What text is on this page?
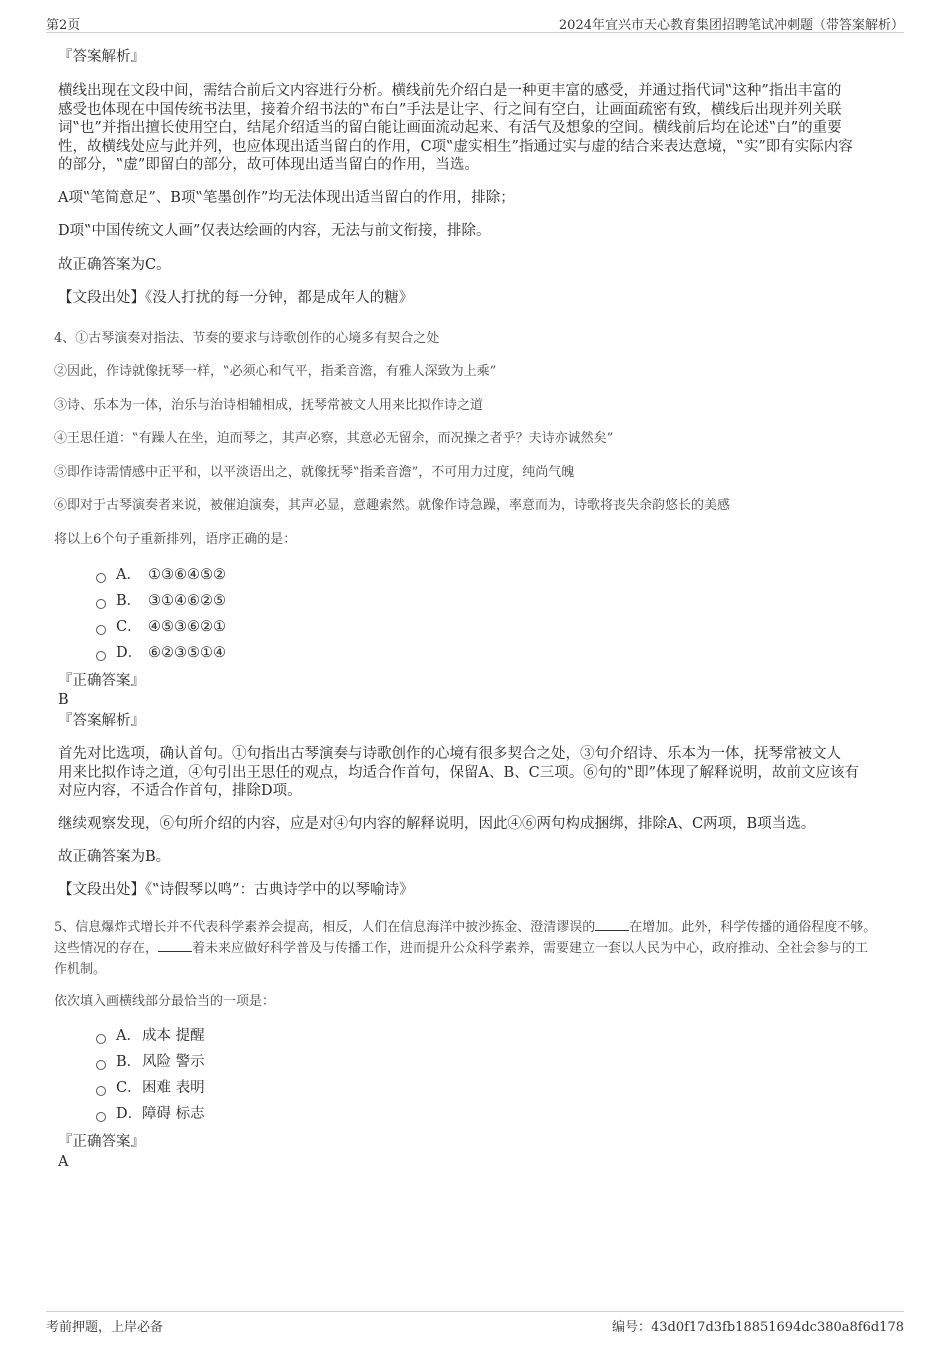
第2页	2024年宜兴市天心教育集团招聘笔试冲刺题（带答案解析）
『答案解析』
横线出现在文段中间，需结合前后文内容进行分析。横线前先介绍白是一种更丰富的感受，并通过指代词‟这种”指出丰富的
感受也体现在中国传统书法里，接着介绍书法的‟布白”手法是让字、行之间有空白，让画面疏密有致，横线后出现并列关联
词‟也”并指出擅长使用空白，结尾介绍适当的留白能让画面流动起来、有活气及想象的空间。横线前后均在论述‟白”的重要
性，故横线处应与此并列，也应体现出适当留白的作用，C项‟虚实相生”指通过实与虚的结合来表达意境，‟实”即有实际内容
的部分，‟虚”即留白的部分，故可体现出适当留白的作用，当选。
A项‟笔简意足”、B项‟笔墨创作”均无法体现出适当留白的作用，排除；
D项‟中国传统文人画”仅表达绘画的内容，无法与前文衔接，排除。
故正确答案为C。
【文段出处】《没人打扰的每一分钟，都是成年人的糖》
4、①古琴演奏对指法、节奏的要求与诗歌创作的心境多有契合之处
②因此，作诗就像抚琴一样，‟必须心和气平，指柔音澹，有雅人深致为上乘”
③诗、乐本为一体，治乐与治诗相辅相成，抚琴常被文人用来比拟作诗之道
④王思任道：‟有躁人在坐，迫而琴之，其声必察，其意必无留余，而况操之者乎？夫诗亦诚然矣”
⑤即作诗需情感中正平和，以平淡语出之，就像抚琴‟指柔音澹”，不可用力过度，纯尚气魄
⑥即对于古琴演奏者来说，被催迫演奏，其声必显，意趣索然。就像作诗急躁，率意而为，诗歌将丧失余韵悠长的美感
将以上6个句子重新排列，语序正确的是：
A． ①③⑥④⑤②
B． ③①④⑥②⑤
C． ④⑤③⑥②①
D． ⑥②③⑤①④
『正确答案』
B
『答案解析』
首先对比选项，确认首句。①句指出古琴演奏与诗歌创作的心境有很多契合之处，③句介绍诗、乐本为一体，抚琴常被文人
用来比拟作诗之道，④句引出王思任的观点，均适合作首句，保留A、B、C三项。⑥句的‟即”体现了解释说明，故前文应该有
对应内容，不适合作首句，排除D项。
继续观察发现，⑥句所介绍的内容，应是对④句内容的解释说明，因此④⑥两句构成捆绑，排除A、C两项，B项当选。
故正确答案为B。
【文段出处】《‟诗假琴以鸣”：古典诗学中的以琴喻诗》
5、信息爆炸式增长并不代表科学素养会提高，相反，人们在信息海洋中披沙拣金、澄清谬误的	在增加。此外，科学传播的通俗程度不够。
这些情况的存在，	着未来应做好科学普及与传播工作，进而提升公众科学素养，需要建立一套以人民为中心，政府推动、全社会参与的工
作机制。
依次填入画横线部分最恰当的一项是：
A． 成本 提醒
B． 风险 警示
C． 困难 表明
D． 障碍 标志
『正确答案』
A
考前押题，上岸必备	编号：43d0f17d3fb18851694dc380a8f6d178
